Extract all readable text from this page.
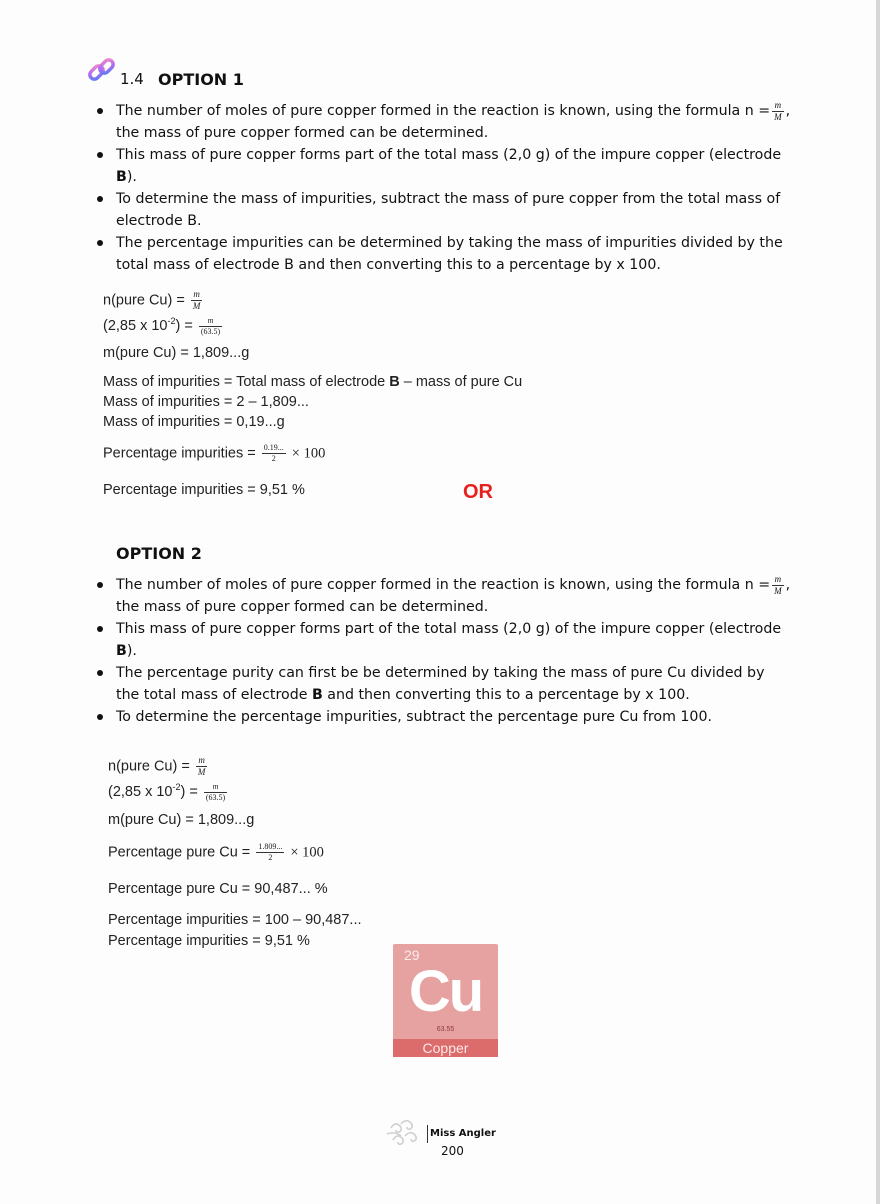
1.4 OPTION 1
The number of moles of pure copper formed in the reaction is known, using the formula $n = \frac{m}{M}$ , the mass of pure copper formed can be determined.
This mass of pure copper forms part of the total mass (2,0 g) of the impure copper (electrode B).
To determine the mass of impurities, subtract the mass of pure copper from the total mass of electrode B.
The percentage impurities can be determined by taking the mass of impurities divided by the total mass of electrode B and then converting this to a percentage by x 100.
n(pure $Cu) = \frac{m}{M}$
(2,85 x $10^{-2}) = \frac{m}{(63.5)}$
m(pure Cu) = 1,809...g
Mass of impurities = Total mass of electrode B – mass of pure Cu
Mass of impurities = 2 – 1,809...
Mass of impurities = 0,19...g
Percentage impurities = $\frac{0.19...}{2} \times 100$
Percentage impurities = 9,51 %	OR
OPTION 2
The number of moles of pure copper formed in the reaction is known, using the formula $n = \frac{m}{M}$ , the mass of pure copper formed can be determined.
This mass of pure copper forms part of the total mass (2,0 g) of the impure copper (electrode B).
The percentage purity can first be be determined by taking the mass of pure Cu divided by the total mass of electrode B and then converting this to a percentage by x 100.
To determine the percentage impurities, subtract the percentage pure Cu from 100.
n(pure $Cu) = \frac{m}{M}$
(2,85 x $10^{-2}) = \frac{m}{(63.5)}$
m(pure Cu) = 1,809...g
Percentage pure $Cu = \frac{1.809...}{2} \times 100$
Percentage pure Cu = 90,487... %
Percentage impurities = 100 – 90,487...
Percentage impurities = 9,51 %
29
Cu
63.55
Copper
Miss Angler
200
